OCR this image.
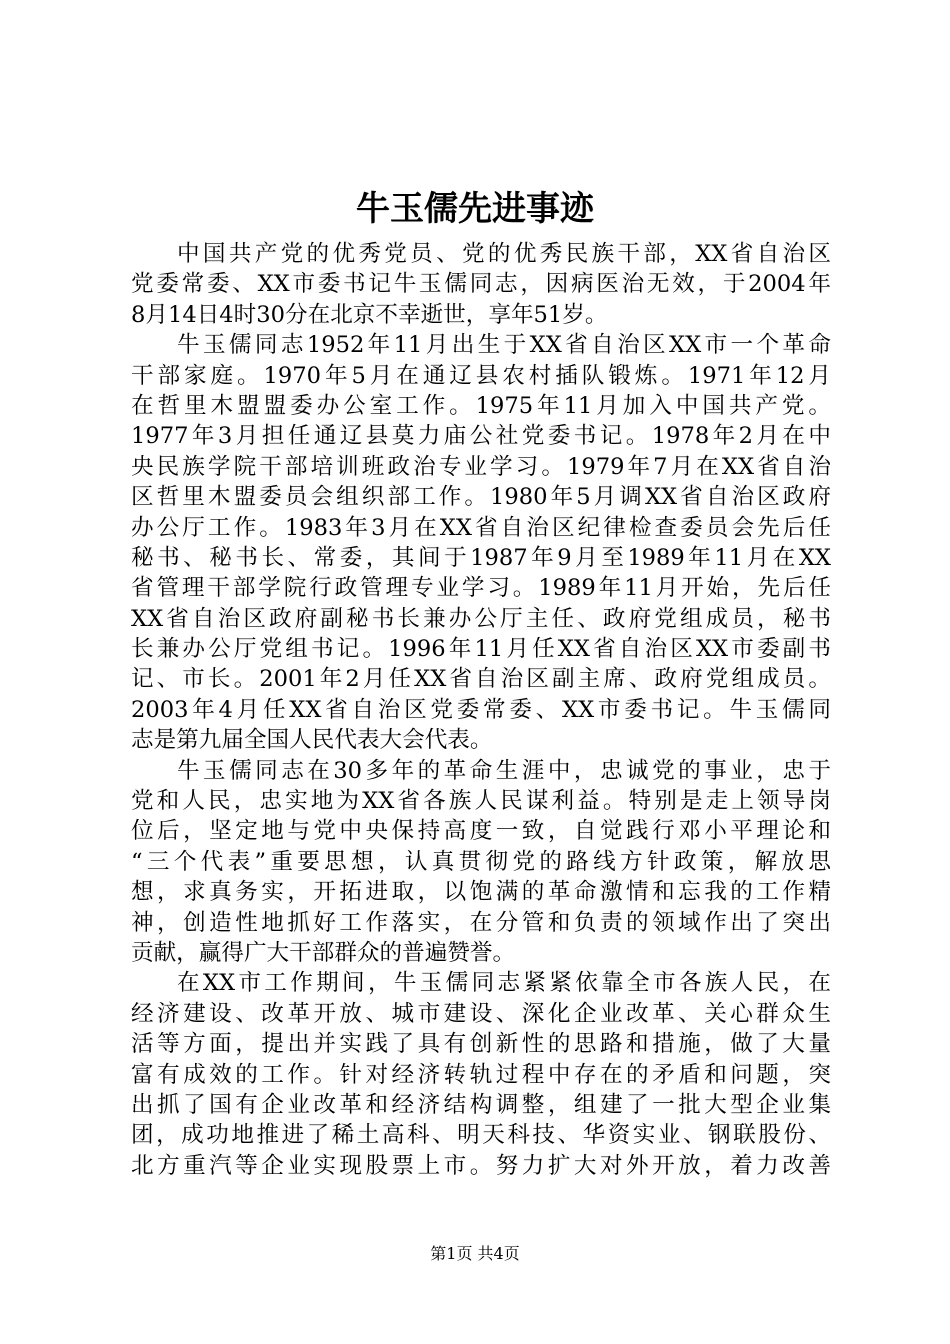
牛玉儒先进事迹
中国共产党的优秀党员、党的优秀民族干部，XX省自治区
党委常委、XX市委书记牛玉儒同志，因病医治无效，于2004年
8月14日4时30分在北京不幸逝世，享年51岁。
牛玉儒同志1952年11月出生于XX省自治区XX市一个革命
干部家庭。1970年5月在通辽县农村插队锻炼。1971年12月
在哲里木盟盟委办公室工作。1975年11月加入中国共产党。
1977年3月担任通辽县莫力庙公社党委书记。1978年2月在中
央民族学院干部培训班政治专业学习。1979年7月在XX省自治
区哲里木盟委员会组织部工作。1980年5月调XX省自治区政府
办公厅工作。1983年3月在XX省自治区纪律检查委员会先后任
秘书、秘书长、常委，其间于1987年9月至1989年11月在XX
省管理干部学院行政管理专业学习。1989年11月开始，先后任
XX省自治区政府副秘书长兼办公厅主任、政府党组成员，秘书
长兼办公厅党组书记。1996年11月任XX省自治区XX市委副书
记、市长。2001年2月任XX省自治区副主席、政府党组成员。
2003年4月任XX省自治区党委常委、XX市委书记。牛玉儒同
志是第九届全国人民代表大会代表。
牛玉儒同志在30多年的革命生涯中，忠诚党的事业，忠于
党和人民，忠实地为XX省各族人民谋利益。特别是走上领导岗
位后，坚定地与党中央保持高度一致，自觉践行邓小平理论和
“三个代表”重要思想，认真贯彻党的路线方针政策，解放思
想，求真务实，开拓进取，以饱满的革命激情和忘我的工作精
神，创造性地抓好工作落实，在分管和负责的领域作出了突出
贡献，赢得广大干部群众的普遍赞誉。
在XX市工作期间，牛玉儒同志紧紧依靠全市各族人民，在
经济建设、改革开放、城市建设、深化企业改革、关心群众生
活等方面，提出并实践了具有创新性的思路和措施，做了大量
富有成效的工作。针对经济转轨过程中存在的矛盾和问题，突
出抓了国有企业改革和经济结构调整，组建了一批大型企业集
团，成功地推进了稀土高科、明天科技、华资实业、钢联股份、
北方重汽等企业实现股票上市。努力扩大对外开放，着力改善
第1页 共4页
